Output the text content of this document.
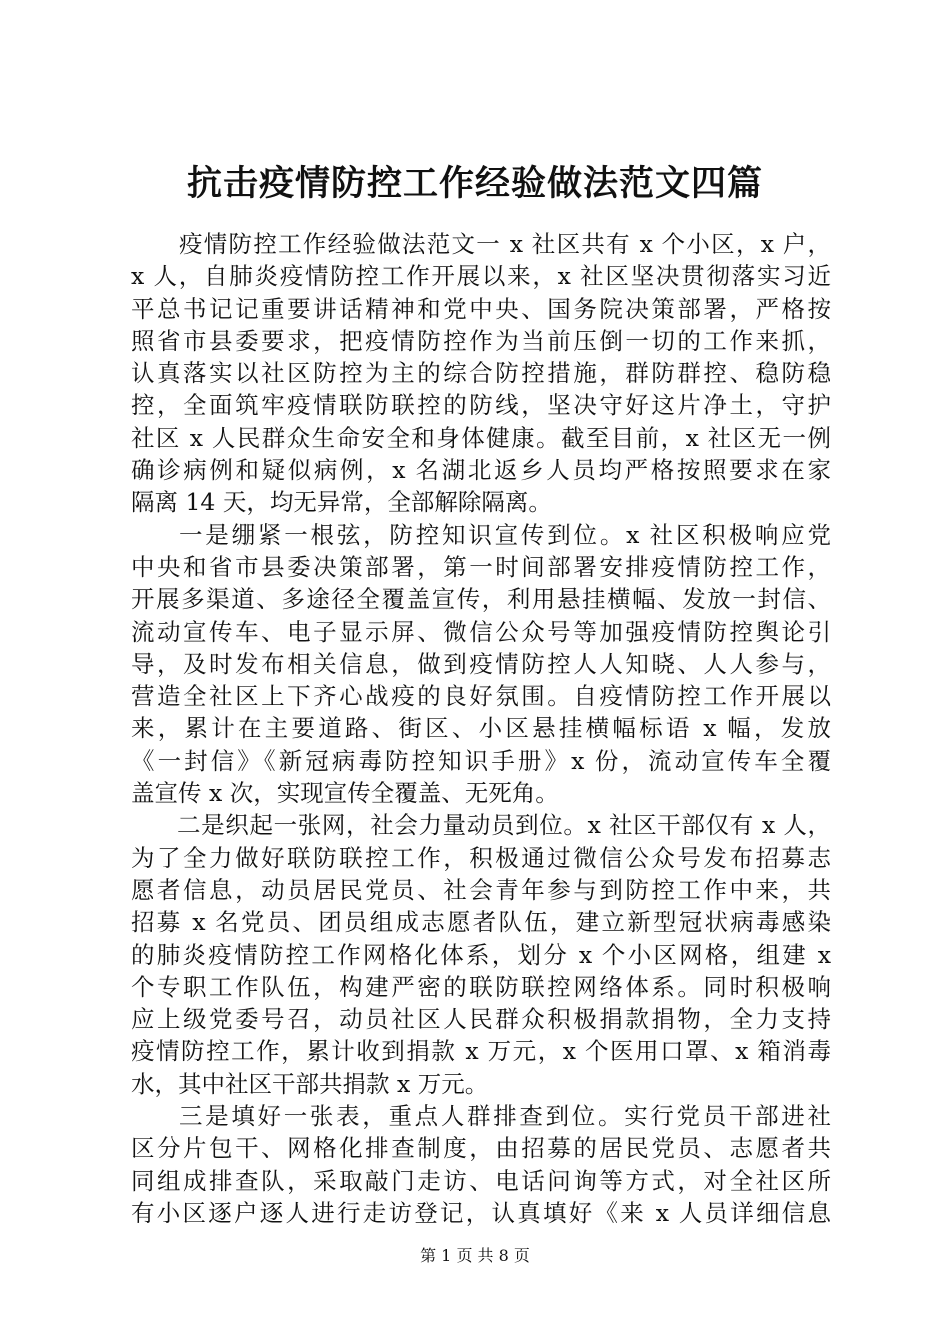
抗击疫情防控工作经验做法范文四篇
疫情防控工作经验做法范文一 x 社区共有 x 个小区，x 户，
x 人，自肺炎疫情防控工作开展以来，x 社区坚决贯彻落实习近
平总书记记重要讲话精神和党中央、国务院决策部署，严格按
照省市县委要求，把疫情防控作为当前压倒一切的工作来抓，
认真落实以社区防控为主的综合防控措施，群防群控、稳防稳
控，全面筑牢疫情联防联控的防线，坚决守好这片净土，守护
社区 x 人民群众生命安全和身体健康。截至目前，x 社区无一例
确诊病例和疑似病例，x 名湖北返乡人员均严格按照要求在家
隔离 14 天，均无异常，全部解除隔离。
一是绷紧一根弦，防控知识宣传到位。x 社区积极响应党
中央和省市县委决策部署，第一时间部署安排疫情防控工作，
开展多渠道、多途径全覆盖宣传，利用悬挂横幅、发放一封信、
流动宣传车、电子显示屏、微信公众号等加强疫情防控舆论引
导，及时发布相关信息，做到疫情防控人人知晓、人人参与，
营造全社区上下齐心战疫的良好氛围。自疫情防控工作开展以
来，累计在主要道路、街区、小区悬挂横幅标语 x 幅，发放
《一封信》《新冠病毒防控知识手册》x 份，流动宣传车全覆
盖宣传 x 次，实现宣传全覆盖、无死角。
二是织起一张网，社会力量动员到位。x 社区干部仅有 x 人，
为了全力做好联防联控工作，积极通过微信公众号发布招募志
愿者信息，动员居民党员、社会青年参与到防控工作中来，共
招募 x 名党员、团员组成志愿者队伍，建立新型冠状病毒感染
的肺炎疫情防控工作网格化体系，划分 x 个小区网格，组建 x
个专职工作队伍，构建严密的联防联控网络体系。同时积极响
应上级党委号召，动员社区人民群众积极捐款捐物，全力支持
疫情防控工作，累计收到捐款 x 万元，x 个医用口罩、x 箱消毒
水，其中社区干部共捐款 x 万元。
三是填好一张表，重点人群排查到位。实行党员干部进社
区分片包干、网格化排查制度，由招募的居民党员、志愿者共
同组成排查队，采取敲门走访、电话问询等方式，对全社区所
有小区逐户逐人进行走访登记，认真填好《来 x 人员详细信息
第 1 页 共 8 页
